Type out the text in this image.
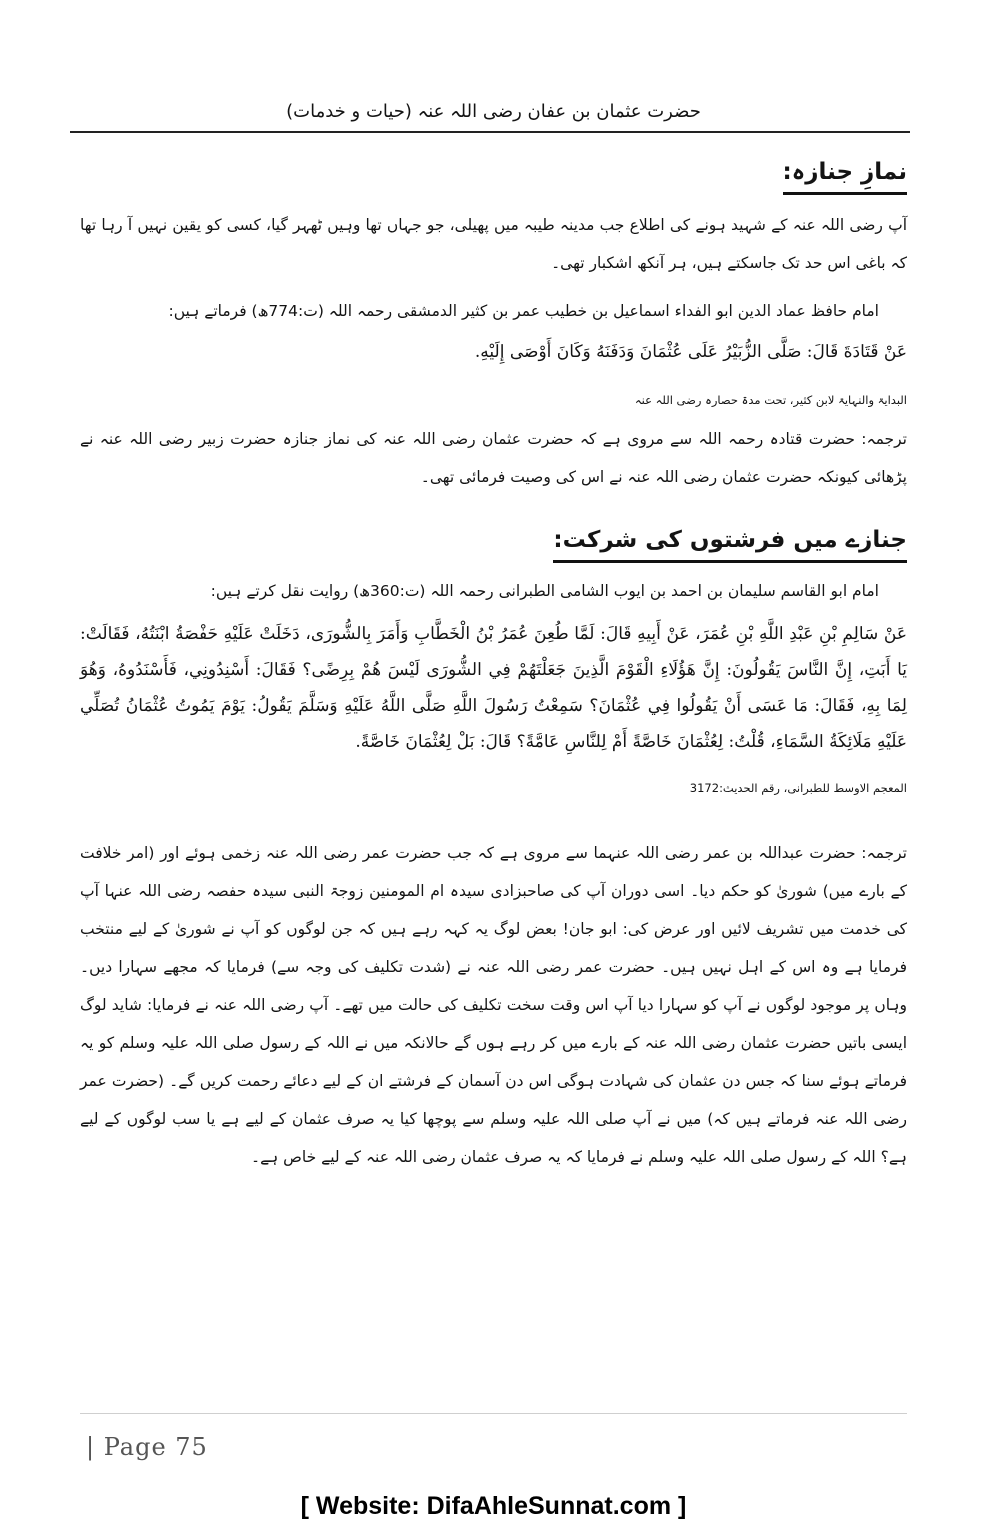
حضرت عثمان بن عفان رضی اللہ عنہ (حیات و خدمات)
نمازِ جنازہ:
آپ رضی اللہ عنہ کے شہید ہونے کی اطلاع جب مدینہ طیبہ میں پھیلی، جو جہاں تھا وہیں ٹھہر گیا، کسی کو یقین نہیں آ رہا تھا کہ باغی اس حد تک جاسکتے ہیں، ہر آنکھ اشکبار تھی۔
امام حافظ عماد الدین ابو الفداء اسماعیل بن خطیب عمر بن کثیر الدمشقی رحمہ اللہ (ت:774ھ) فرماتے ہیں:
عَنْ قَتَادَةَ قَالَ: صَلَّى الزُّبَيْرُ عَلَى عُثْمَانَ وَدَفَنَهُ وَكَانَ أَوْصَى إِلَيْهِ.
البدایۃ والنہایۃ لابن کثیر، تحت مدۃ حصارہ رضی اللہ عنہ
ترجمہ: حضرت قتادہ رحمہ اللہ سے مروی ہے کہ حضرت عثمان رضی اللہ عنہ کی نماز جنازہ حضرت زبیر رضی اللہ عنہ نے پڑھائی کیونکہ حضرت عثمان رضی اللہ عنہ نے اس کی وصیت فرمائی تھی۔
جنازے میں فرشتوں کی شرکت:
امام ابو القاسم سلیمان بن احمد بن ایوب الشامی الطبرانی رحمہ اللہ (ت:360ھ) روایت نقل کرتے ہیں:
عَنْ سَالِمِ بْنِ عَبْدِ اللَّهِ بْنِ عُمَرَ، عَنْ أَبِيهِ قَالَ: لَمَّا طُعِنَ عُمَرُ بْنُ الْخَطَّابِ وَأَمَرَ بِالشُّورَى، دَخَلَتْ عَلَيْهِ حَفْصَةُ ابْنَتُهُ، فَقَالَتْ: يَا أَبَتِ، إِنَّ النَّاسَ يَقُولُونَ: إِنَّ هَؤُلَاءِ الْقَوْمَ الَّذِينَ جَعَلْتَهُمْ فِي الشُّورَى لَيْسَ هُمْ بِرِضًى؟ فَقَالَ: أَسْنِدُونِي، فَأَسْنَدُوهُ، وَهُوَ لِمَا بِهِ، فَقَالَ: مَا عَسَى أَنْ يَقُولُوا فِي عُثْمَانَ؟ سَمِعْتُ رَسُولَ اللَّهِ صَلَّى اللَّهُ عَلَيْهِ وَسَلَّمَ يَقُولُ: يَوْمَ يَمُوتُ عُثْمَانُ تُصَلِّي عَلَيْهِ مَلَائِكَةُ السَّمَاءِ، قُلْتُ: لِعُثْمَانَ خَاصَّةً أَمْ لِلنَّاسِ عَامَّةً؟ قَالَ: بَلْ لِعُثْمَانَ خَاصَّةً.
المعجم الاوسط للطبرانی، رقم الحدیث:3172
ترجمہ: حضرت عبداللہ بن عمر رضی اللہ عنہما سے مروی ہے کہ جب حضرت عمر رضی اللہ عنہ زخمی ہوئے اور (امر خلافت کے بارے میں) شوریٰ کو حکم دیا۔ اسی دوران آپ کی صاحبزادی سیدہ ام المومنین زوجۃ النبی سیدہ حفصہ رضی اللہ عنہا آپ کی خدمت میں تشریف لائیں اور عرض کی: ابو جان! بعض لوگ یہ کہہ رہے ہیں کہ جن لوگوں کو آپ نے شوریٰ کے لیے منتخب فرمایا ہے وہ اس کے اہل نہیں ہیں۔ حضرت عمر رضی اللہ عنہ نے (شدت تکلیف کی وجہ سے) فرمایا کہ مجھے سہارا دیں۔ وہاں پر موجود لوگوں نے آپ کو سہارا دیا آپ اس وقت سخت تکلیف کی حالت میں تھے۔ آپ رضی اللہ عنہ نے فرمایا: شاید لوگ ایسی باتیں حضرت عثمان رضی اللہ عنہ کے بارے میں کر رہے ہوں گے حالانکہ میں نے اللہ کے رسول صلی اللہ علیہ وسلم کو یہ فرماتے ہوئے سنا کہ جس دن عثمان کی شہادت ہوگی اس دن آسمان کے فرشتے ان کے لیے دعائے رحمت کریں گے۔ (حضرت عمر رضی اللہ عنہ فرماتے ہیں کہ) میں نے آپ صلی اللہ علیہ وسلم سے پوچھا کیا یہ صرف عثمان کے لیے ہے یا سب لوگوں کے لیے ہے؟ اللہ کے رسول صلی اللہ علیہ وسلم نے فرمایا کہ یہ صرف عثمان رضی اللہ عنہ کے لیے خاص ہے۔
| Page 75
[ Website: DifaAhleSunnat.com ]
